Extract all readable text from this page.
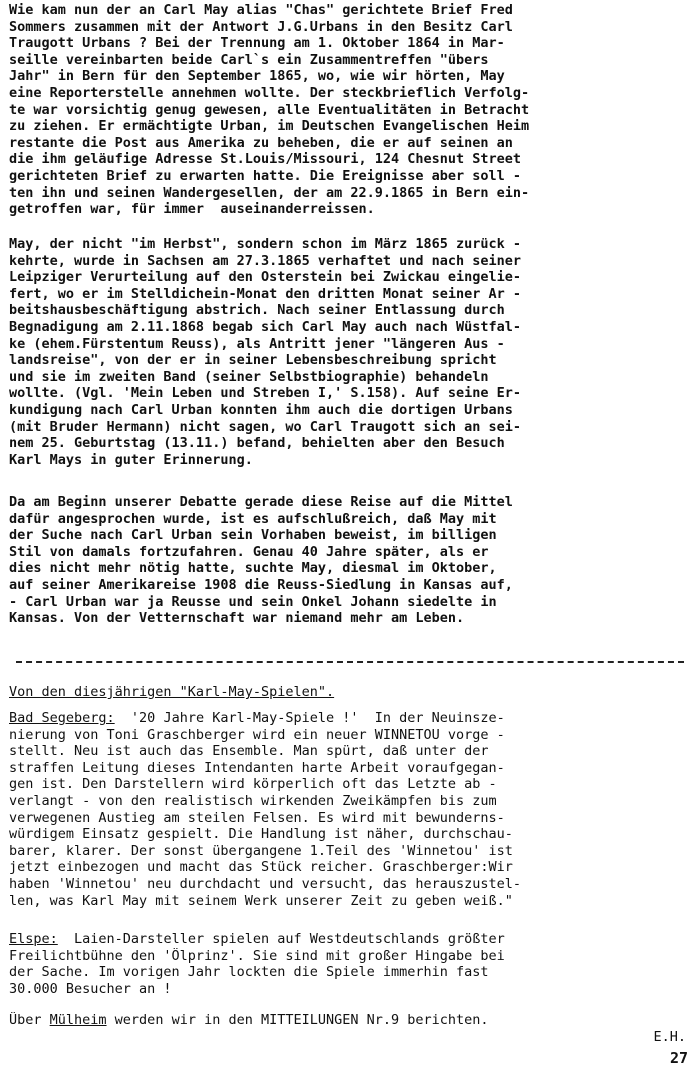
Wie kam nun der an Carl May alias "Chas" gerichtete Brief Fred
Sommers zusammen mit der Antwort J.G.Urbans in den Besitz Carl
Traugott Urbans ? Bei der Trennung am 1. Oktober 1864 in Mar-
seille vereinbarten beide Carl`s ein Zusammentreffen "übers
Jahr" in Bern für den September 1865, wo, wie wir hörten, May
eine Reporterstelle annehmen wollte. Der steckbrieflich Verfolg-
te war vorsichtig genug gewesen, alle Eventualitäten in Betracht
zu ziehen. Er ermächtigte Urban, im Deutschen Evangelischen Heim
restante die Post aus Amerika zu beheben, die er auf seinen an
die ihm geläufige Adresse St.Louis/Missouri, 124 Chesnut Street
gerichteten Brief zu erwarten hatte. Die Ereignisse aber soll -
ten ihn und seinen Wandergesellen, der am 22.9.1865 in Bern ein-
getroffen war, für immer  auseinanderreissen.
May, der nicht "im Herbst", sondern schon im März 1865 zurück -
kehrte, wurde in Sachsen am 27.3.1865 verhaftet und nach seiner
Leipziger Verurteilung auf den Osterstein bei Zwickau eingelie-
fert, wo er im Stelldichein-Monat den dritten Monat seiner Ar -
beitshausbeschäftigung abstrich. Nach seiner Entlassung durch
Begnadigung am 2.11.1868 begab sich Carl May auch nach Wüstfal-
ke (ehem.Fürstentum Reuss), als Antritt jener "längeren Aus -
landsreise", von der er in seiner Lebensbeschreibung spricht
und sie im zweiten Band (seiner Selbstbiographie) behandeln
wollte. (Vgl. 'Mein Leben und Streben I,' S.158). Auf seine Er-
kundigung nach Carl Urban konnten ihm auch die dortigen Urbans
(mit Bruder Hermann) nicht sagen, wo Carl Traugott sich an sei-
nem 25. Geburtstag (13.11.) befand, behielten aber den Besuch
Karl Mays in guter Erinnerung.
Da am Beginn unserer Debatte gerade diese Reise auf die Mittel
dafür angesprochen wurde, ist es aufschlußreich, daß May mit
der Suche nach Carl Urban sein Vorhaben beweist, im billigen
Stil von damals fortzufahren. Genau 40 Jahre später, als er
dies nicht mehr nötig hatte, suchte May, diesmal im Oktober,
auf seiner Amerikareise 1908 die Reuss-Siedlung in Kansas auf,
- Carl Urban war ja Reusse und sein Onkel Johann siedelte in
Kansas. Von der Vetternschaft war niemand mehr am Leben.
Von den diesjährigen "Karl-May-Spielen".
Bad Segeberg:  '20 Jahre Karl-May-Spiele !'  In der Neuinsze-
nierung von Toni Graschberger wird ein neuer WINNETOU vorge -
stellt. Neu ist auch das Ensemble. Man spürt, daß unter der
straffen Leitung dieses Intendanten harte Arbeit voraufgegan-
gen ist. Den Darstellern wird körperlich oft das Letzte ab -
verlangt - von den realistisch wirkenden Zweikämpfen bis zum
verwegenen Austieg am steilen Felsen. Es wird mit bewunderns-
würdigem Einsatz gespielt. Die Handlung ist näher, durchschau-
barer, klarer. Der sonst übergangene 1.Teil des 'Winnetou' ist
jetzt einbezogen und macht das Stück reicher. Graschberger:Wir
haben 'Winnetou' neu durchdacht und versucht, das herauszustel-
len, was Karl May mit seinem Werk unserer Zeit zu geben weiß."
Elspe:  Laien-Darsteller spielen auf Westdeutschlands größter
Freilichtbühne den 'Ölprinz'. Sie sind mit großer Hingabe bei
der Sache. Im vorigen Jahr lockten die Spiele immerhin fast
30.000 Besucher an !
Über Mülheim werden wir in den MITTEILUNGEN Nr.9 berichten.
E.H.
27
